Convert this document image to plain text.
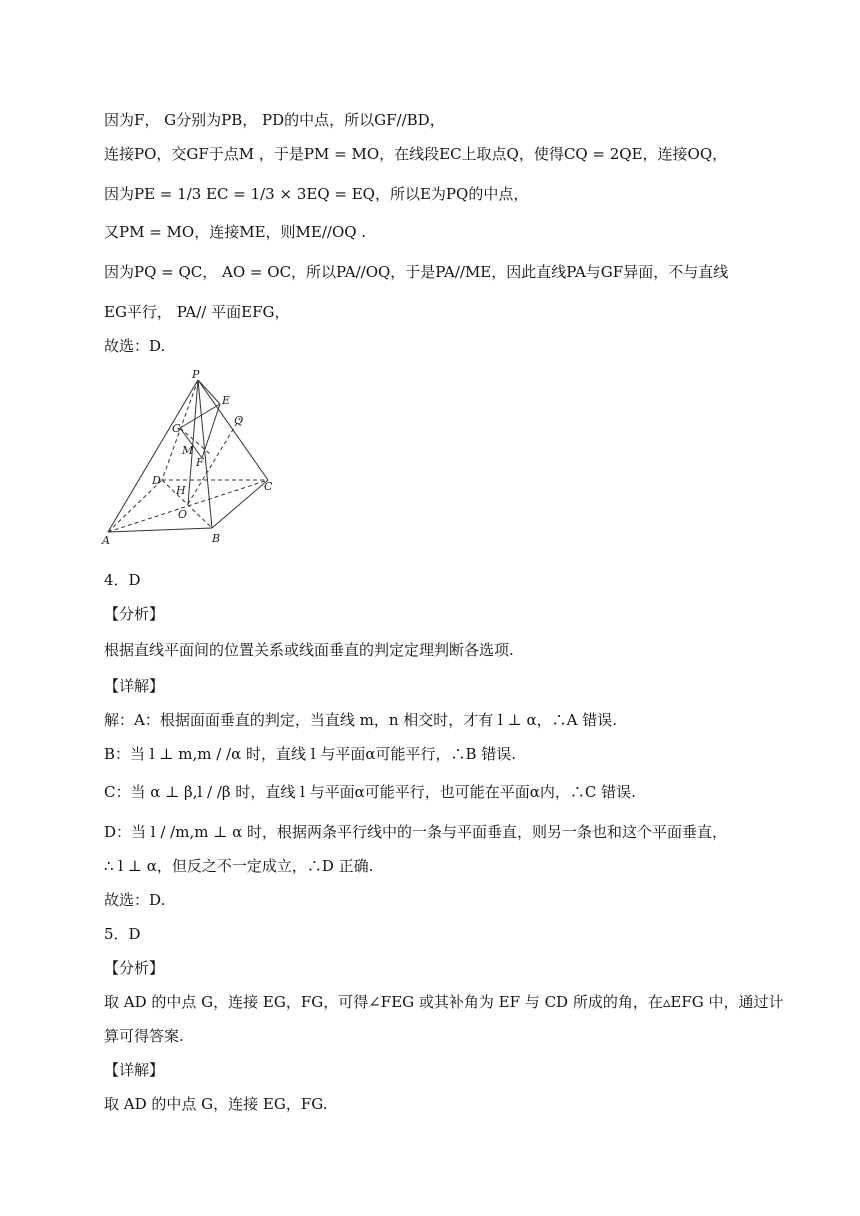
因为F， G分别为PB， PD的中点，所以GF//BD，
连接PO，交GF于点M ，于是PM = MO，在线段EC上取点Q，使得CQ = 2QE，连接OQ，
因为PE = 1/3 EC = 1/3 × 3EQ = EQ，所以E为PQ的中点，
又PM = MO，连接ME，则ME//OQ .
因为PQ = QC， AO = OC，所以PA//OQ，于是PA//ME，因此直线PA与GF异面，不与直线
EG平行， PA// 平面EFG，
故选：D.
P
E
G
Q
M
F
D	C
H
O
A	B
4．D
【分析】
根据直线平面间的位置关系或线面垂直的判定定理判断各选项.
【详解】
解：A：根据面面垂直的判定，当直线 m，n 相交时，才有 l ⊥ α，∴A 错误.
B：当 l ⊥ m,m / /α 时，直线 l 与平面α可能平行，∴B 错误.
C：当 α ⊥ β,l / /β 时，直线 l 与平面α可能平行，也可能在平面α内，∴C 错误.
D：当 l / /m,m ⊥ α 时，根据两条平行线中的一条与平面垂直，则另一条也和这个平面垂直，
∴ l ⊥ α，但反之不一定成立，∴D 正确.
故选：D.
5．D
【分析】
取 AD 的中点 G，连接 EG，FG，可得∠FEG 或其补角为 EF 与 CD 所成的角，在▵EFG 中，通过计
算可得答案.
【详解】
取 AD 的中点 G，连接 EG，FG.
